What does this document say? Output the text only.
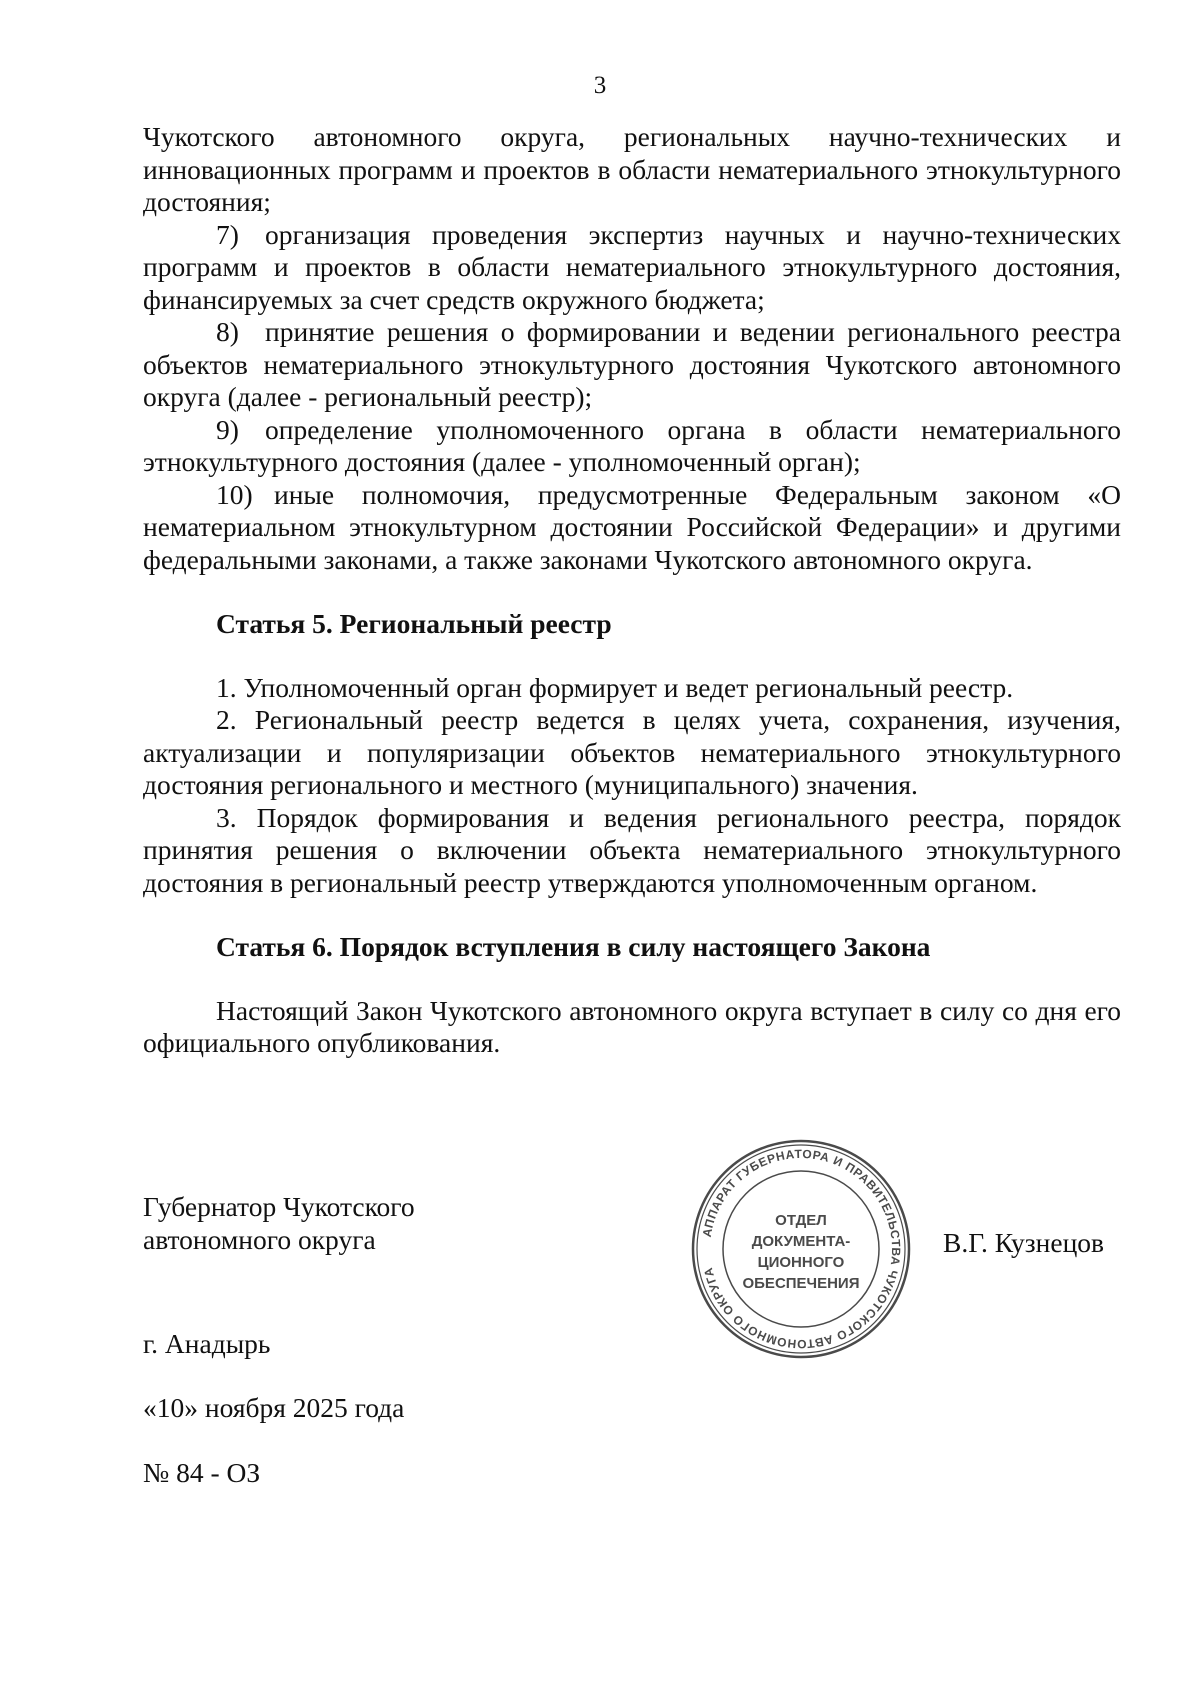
3

Чукотского автономного округа, региональных научно-технических и инновационных программ и проектов в области нематериального этнокультурного достояния;

7) организация проведения экспертиз научных и научно-технических программ и проектов в области нематериального этнокультурного достояния, финансируемых за счет средств окружного бюджета;

8) принятие решения о формировании и ведении регионального реестра объектов нематериального этнокультурного достояния Чукотского автономного округа (далее - региональный реестр);

9) определение уполномоченного органа в области нематериального этнокультурного достояния (далее - уполномоченный орган);

10) иные полномочия, предусмотренные Федеральным законом «О нематериальном этнокультурном достоянии Российской Федерации» и другими федеральными законами, а также законами Чукотского автономного округа.

Статья 5. Региональный реестр

1. Уполномоченный орган формирует и ведет региональный реестр.

2. Региональный реестр ведется в целях учета, сохранения, изучения, актуализации и популяризации объектов нематериального этнокультурного достояния регионального и местного (муниципального) значения.

3. Порядок формирования и ведения регионального реестра, порядок принятия решения о включении объекта нематериального этнокультурного достояния в региональный реестр утверждаются уполномоченным органом.

Статья 6. Порядок вступления в силу настоящего Закона

Настоящий Закон Чукотского автономного округа вступает в силу со дня его официального опубликования.

Губернатор Чукотского
автономного округа	АППАРАТ ГУБЕРНАТОРА И ПРАВИТЕЛЬСТВА ЧУКОТСКОГО АВТОНОМНОГО ОКРУГА
ОТДЕЛ
ДОКУМЕНТА-
ЦИОННОГО
ОБЕСПЕЧЕНИЯ
В.Г. Кузнецов
г. Анадырь
«10» ноября 2025 года
№ 84 - ОЗ
